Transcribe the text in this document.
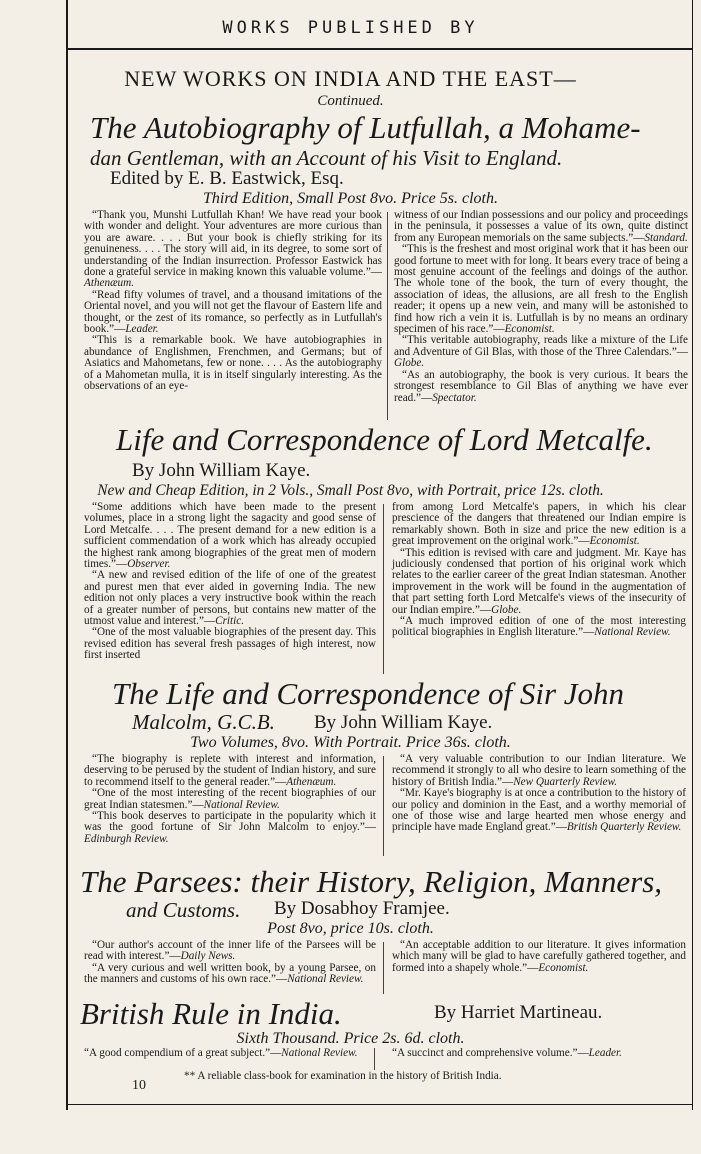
WORKS PUBLISHED BY
NEW WORKS ON INDIA AND THE EAST—
Continued.
The Autobiography of Lutfullah, a Mohame-
dan Gentleman, with an Account of his Visit to England.
Edited by E. B. Eastwick, Esq.
Third Edition, Small Post 8vo. Price 5s. cloth.

“Thank you, Munshi Lutfullah Khan! We have read your book with wonder and delight. Your adventures are more curious than you are aware. . . . But your book is chiefly striking for its genuineness. . . . The story will aid, in its degree, to some sort of understanding of the Indian insurrection. Professor Eastwick has done a grateful service in making known this valuable volume.”—Athenæum.

“Read fifty volumes of travel, and a thousand imitations of the Oriental novel, and you will not get the flavour of Eastern life and thought, or the zest of its romance, so perfectly as in Lutfullah's book.”—Leader.

“This is a remarkable book. We have autobiographies in abundance of Englishmen, Frenchmen, and Germans; but of Asiatics and Mahometans, few or none. . . . As the autobiography of a Mahometan mulla, it is in itself singularly interesting. As the observations of an eye-

witness of our Indian possessions and our policy and proceedings in the peninsula, it possesses a value of its own, quite distinct from any European memorials on the same subjects.”—Standard.

“This is the freshest and most original work that it has been our good fortune to meet with for long. It bears every trace of being a most genuine account of the feelings and doings of the author. The whole tone of the book, the turn of every thought, the association of ideas, the allusions, are all fresh to the English reader; it opens up a new vein, and many will be astonished to find how rich a vein it is. Lutfullah is by no means an ordinary specimen of his race.”—Economist.

“This veritable autobiography, reads like a mixture of the Life and Adventure of Gil Blas, with those of the Three Calendars.”—Globe.

“As an autobiography, the book is very curious. It bears the strongest resemblance to Gil Blas of anything we have ever read.”—Spectator.

Life and Correspondence of Lord Metcalfe.
By John William Kaye.
New and Cheap Edition, in 2 Vols., Small Post 8vo, with Portrait, price 12s. cloth.

“Some additions which have been made to the present volumes, place in a strong light the sagacity and good sense of Lord Metcalfe. . . . The present demand for a new edition is a sufficient commendation of a work which has already occupied the highest rank among biographies of the great men of modern times.”—Observer.

“A new and revised edition of the life of one of the greatest and purest men that ever aided in governing India. The new edition not only places a very instructive book within the reach of a greater number of persons, but contains new matter of the utmost value and interest.”—Critic.

“One of the most valuable biographies of the present day. This revised edition has several fresh passages of high interest, now first inserted

from among Lord Metcalfe's papers, in which his clear prescience of the dangers that threatened our Indian empire is remarkably shown. Both in size and price the new edition is a great improvement on the original work.”—Economist.

“This edition is revised with care and judgment. Mr. Kaye has judiciously condensed that portion of his original work which relates to the earlier career of the great Indian statesman. Another improvement in the work will be found in the augmentation of that part setting forth Lord Metcalfe's views of the insecurity of our Indian empire.”—Globe.

“A much improved edition of one of the most interesting political biographies in English literature.”—National Review.

The Life and Correspondence of Sir John
Malcolm, G.C.B. By John William Kaye.
Two Volumes, 8vo. With Portrait. Price 36s. cloth.

“The biography is replete with interest and information, deserving to be perused by the student of Indian history, and sure to recommend itself to the general reader.”—Athenæum.

“One of the most interesting of the recent biographies of our great Indian statesmen.”—National Review.

“This book deserves to participate in the popularity which it was the good fortune of Sir John Malcolm to enjoy.”—Edinburgh Review.

“A very valuable contribution to our Indian literature. We recommend it strongly to all who desire to learn something of the history of British India.”—New Quarterly Review.

“Mr. Kaye's biography is at once a contribution to the history of our policy and dominion in the East, and a worthy memorial of one of those wise and large hearted men whose energy and principle have made England great.”—British Quarterly Review.

The Parsees: their History, Religion, Manners,
and Customs. By Dosabhoy Framjee.
Post 8vo, price 10s. cloth.

“Our author's account of the inner life of the Parsees will be read with interest.”—Daily News.

“A very curious and well written book, by a young Parsee, on the manners and customs of his own race.”—National Review.

“An acceptable addition to our literature. It gives information which many will be glad to have carefully gathered together, and formed into a shapely whole.”—Economist.

British Rule in India.	By Harriet Martineau.
Sixth Thousand. Price 2s. 6d. cloth.

“A good compendium of a great subject.”—National Review.	“A succinct and comprehensive volume.”—Leader.

** A reliable class-book for examination in the history of British India.
10
